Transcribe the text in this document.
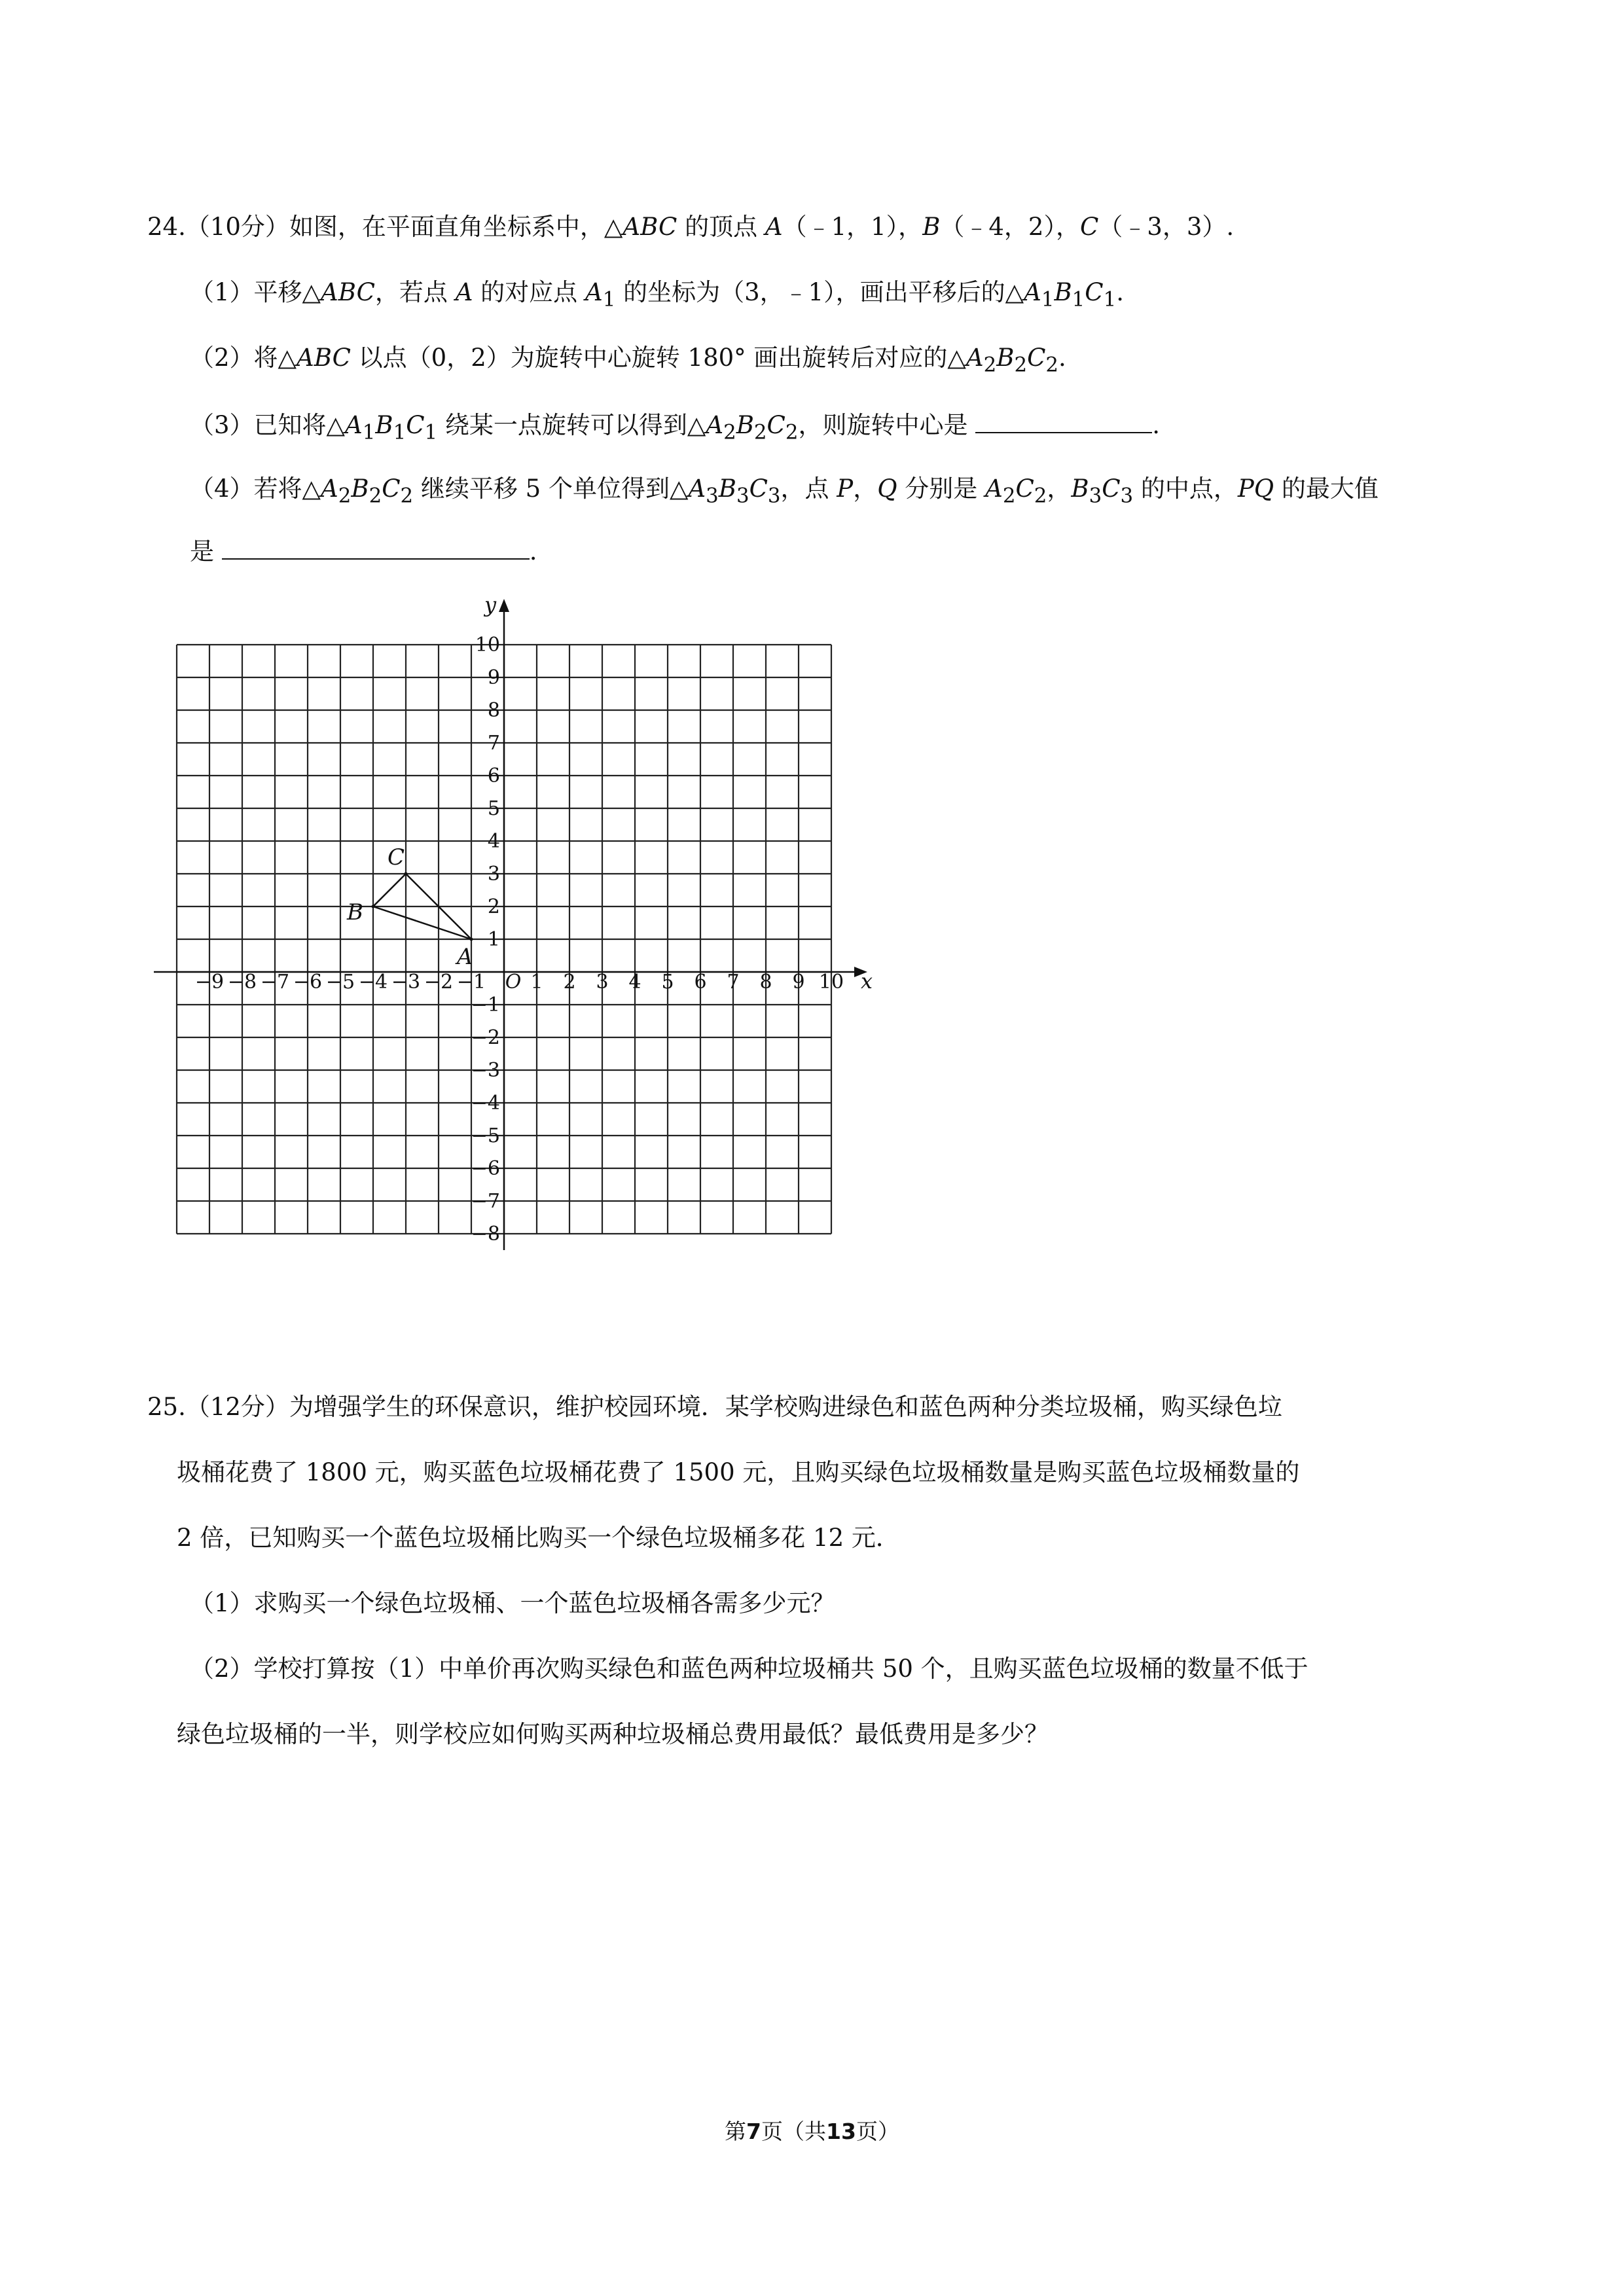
24.（10分）如图，在平面直角坐标系中，△ABC 的顶点 A（﹣1，1），B（﹣4，2），C（﹣3，3）.
（1）平移△ABC，若点 A 的对应点 $A_1$ 的坐标为（3，﹣1），画出平移后的$\triangle A_1B_1C_1$.
（2）将△ABC 以点（0，2）为旋转中心旋转 180° 画出旋转后对应的$\triangle A_2B_2C_2$.
（3）已知将$\triangle A_1B_1C_1$ 绕某一点旋转可以得到$\triangle A_2B_2C_2$，则旋转中心是	.
（4）若将$\triangle A_2B_2C_2$ 继续平移 5 个单位得到$\triangle A_3B_3C_3$，点 P，Q 分别是 $A_2C_2$，$B_3C_3$ 的中点，PQ 的最大值
是	.
−9 −8 −7 −6 −5 −4 −3 −2 −1 O 1 2 3 4 5 6 7 8 9 10
10
9
8
7
6
5
4
3
2
1
−1
−2
−3
−4
−5
−6
−7
−8
x
y
A
B
C
25.（12分）为增强学生的环保意识，维护校园环境．某学校购进绿色和蓝色两种分类垃圾桶，购买绿色垃
圾桶花费了 1800 元，购买蓝色垃圾桶花费了 1500 元，且购买绿色垃圾桶数量是购买蓝色垃圾桶数量的
2 倍，已知购买一个蓝色垃圾桶比购买一个绿色垃圾桶多花 12 元．
（1）求购买一个绿色垃圾桶、一个蓝色垃圾桶各需多少元？
（2）学校打算按（1）中单价再次购买绿色和蓝色两种垃圾桶共 50 个，且购买蓝色垃圾桶的数量不低于
绿色垃圾桶的一半，则学校应如何购买两种垃圾桶总费用最低？最低费用是多少？
第7页（共13页）
